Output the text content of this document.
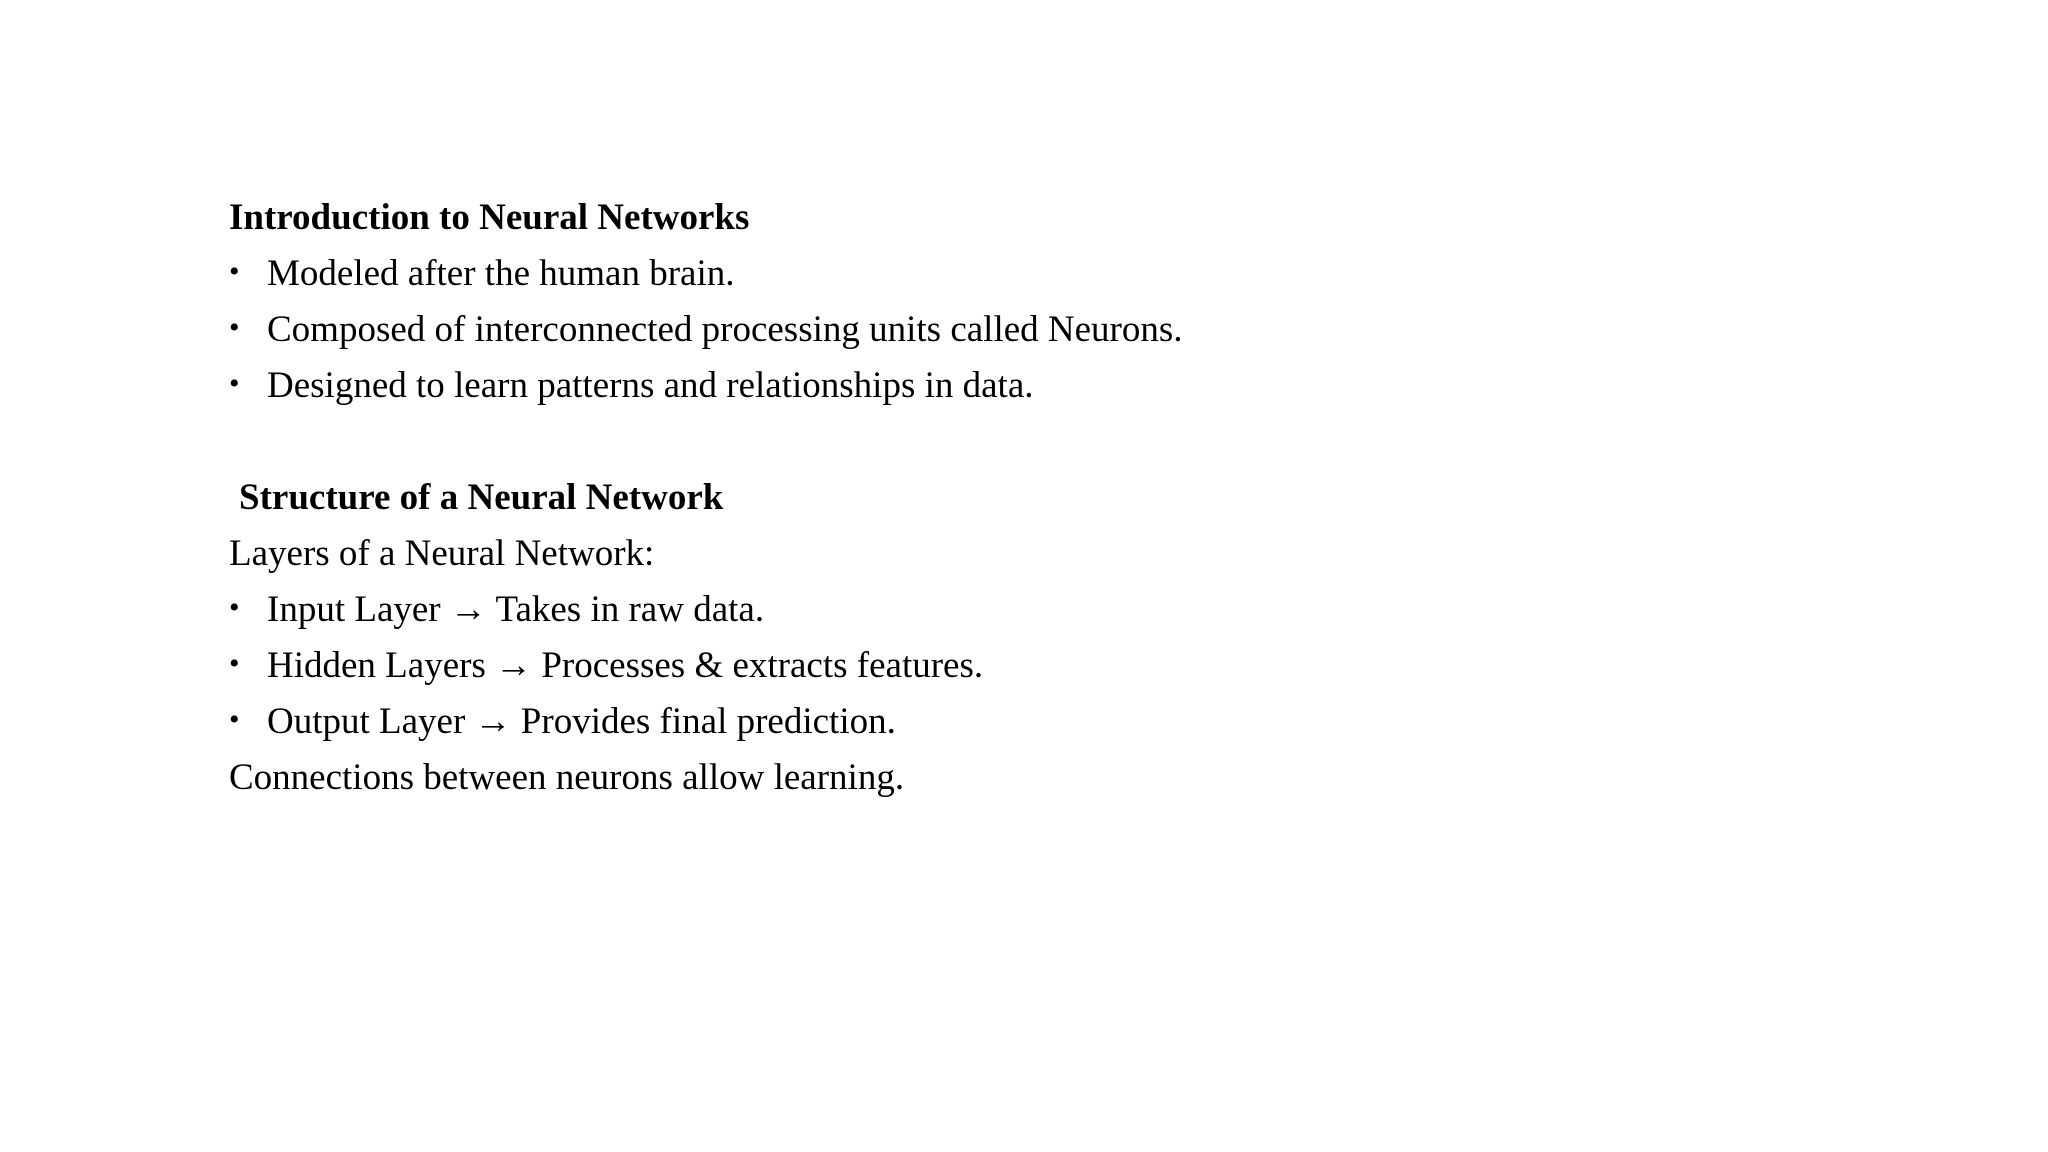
Introduction to Neural Networks
• Modeled after the human brain.
• Composed of interconnected processing units called Neurons.
• Designed to learn patterns and relationships in data.
Structure of a Neural Network
Layers of a Neural Network:
• Input Layer → Takes in raw data.
• Hidden Layers → Processes & extracts features.
• Output Layer → Provides final prediction.
Connections between neurons allow learning.
